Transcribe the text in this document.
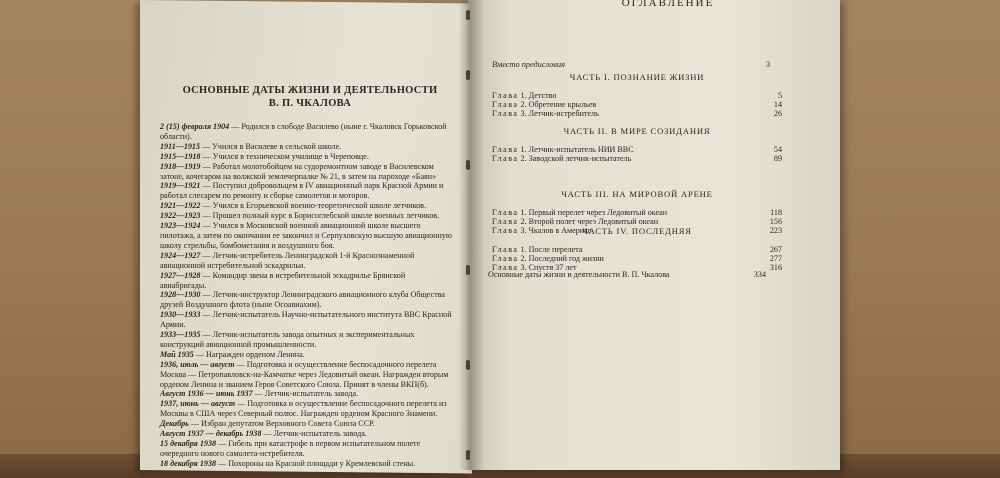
ОСНОВНЫЕ ДАТЫ ЖИЗНИ И ДЕЯТЕЛЬНОСТИ
В. П. ЧКАЛОВА
2 (15) февраля 1904 — Родился в слободе Василево (ныне г. Чкаловск Горьковской области).
1911—1915 — Учился в Василеве в сельской школе.
1915—1918 — Учился в техническом училище в Череповце.
1918—1919 — Работал молотобойцем на судоремонтном заводе в Василевском затоне, кочегаром на волжской землечерпалке № 21, в затем на пароходе «Баян»
1919—1921 — Поступил добровольцем в IV авиационный парк Красной Армии и работал слесарем по ремонту и сборке самолетов и моторов.
1921—1922 — Учился в Егорьевской военно-теоретической школе летчиков.
1922—1923 — Прошел полный курс в Борисоглебской школе военных летчиков.
1923—1924 — Учился в Московской военной авиационной школе высшего пилотажа, а затем по окончании ее закончил и Серпуховскую высшую авиационную школу стрельбы, бомбометания и воздушного боя.
1924—1927 — Летчик-истребитель Ленинградской 1-й Краснознаменной авиационной истребительной эскадрильи.
1927—1928 — Командир звена в истребительной эскадрилье Брянской авиабригады.
1928—1930 — Летчик-инструктор Ленинградского авиационного клуба Общества друзей Воздушного флота (ныне Осоавиахим).
1930—1933 — Летчик-испытатель Научно-испытательного института ВВС Красной Армии.
1933—1935 — Летчик-испытатель завода опытных и экспериментальных конструкций авиационной промышленности.
Май 1935 — Награжден орденом Ленина.
1936, июль — август — Подготовка и осуществление беспосадочного перелета Москва — Петропавловск-на-Камчатке через Ледовитый океан. Награжден вторым орденом Ленина и званием Героя Советского Союза. Принят в члены ВКП(б).
Август 1936 — июнь 1937 — Летчик-испытатель завода.
1937, июнь — август — Подготовка и осуществление беспосадочного перелета из Москвы в США через Северный полюс. Награжден орденом Красного Знамени.
Декабрь — Избран депутатом Верховного Совета Союза ССР.
Август 1937 — декабрь 1938 — Летчик-испытатель завода.
15 декабря 1938 — Гибель при катастрофе в первом испытательном полете очередного нового самолета-истребителя.
18 декабря 1938 — Похороны на Красной площади у Кремлевской стены.
ОГЛАВЛЕНИЕ
Вместо предисловия	3
ЧАСТЬ I. ПОЗНАНИЕ ЖИЗНИ
Глава 1. Детство	5
Глава 2. Обретение крыльев	14
Глава 3. Летчик-истребитель	26
ЧАСТЬ II. В МИРЕ СОЗИДАНИЯ
Глава 1. Летчик-испытатель НИИ ВВС	54
Глава 2. Заводской летчик-испытатель	89
ЧАСТЬ III. НА МИРОВОЙ АРЕНЕ
Глава 1. Первый перелет через Ледовитый океан	118
Глава 2. Второй полет через Ледовитый океан	156
Глава 3. Чкалов в Америке	223
ЧАСТЬ IV. ПОСЛЕДНЯЯ
Глава 1. После перелета	267
Глава 2. Последний год жизни	277
Глава 3. Спустя 37 лет	316
Основные даты жизни и деятельности В. П. Чкалова	334
